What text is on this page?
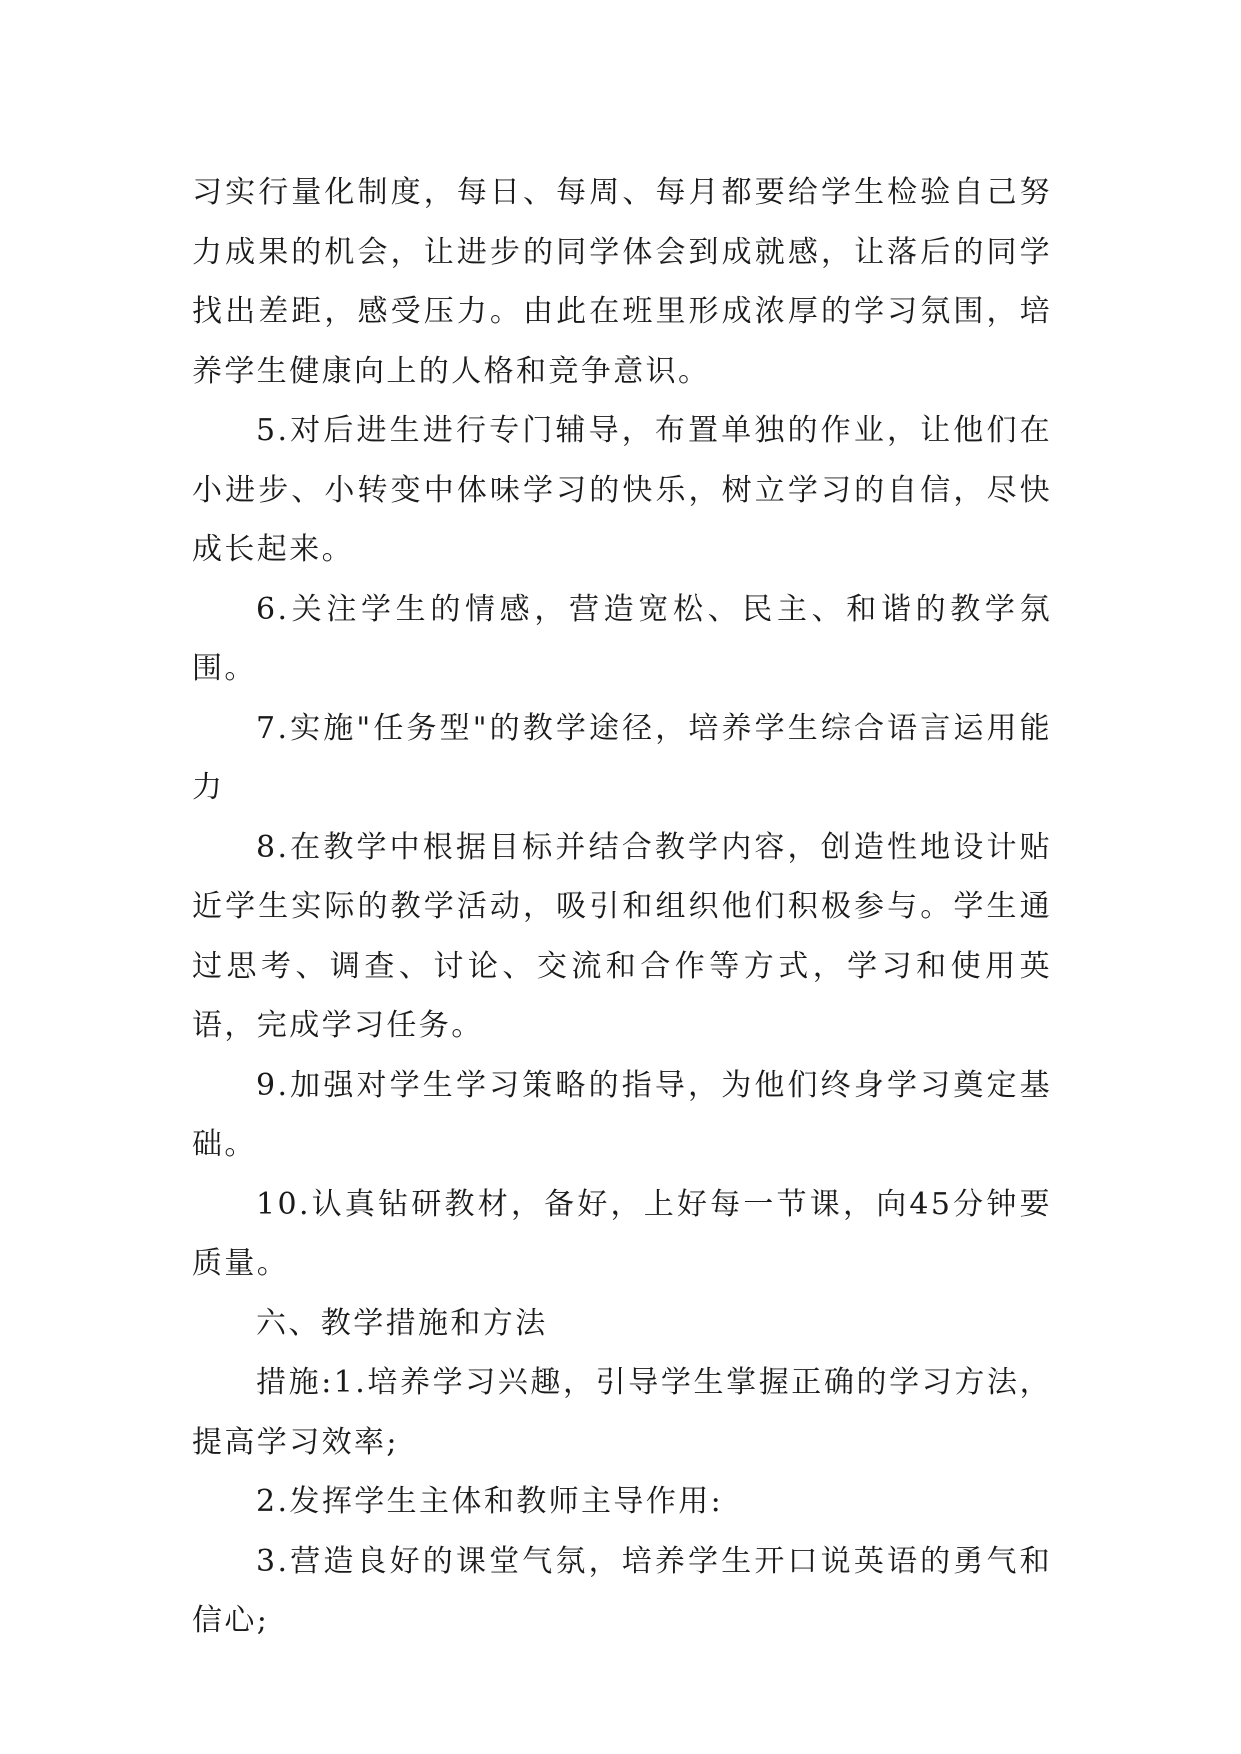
习实行量化制度，每日、每周、每月都要给学生检验自己努力成果的机会，让进步的同学体会到成就感，让落后的同学找出差距，感受压力。由此在班里形成浓厚的学习氛围，培养学生健康向上的人格和竞争意识。

5.对后进生进行专门辅导，布置单独的作业，让他们在小进步、小转变中体味学习的快乐，树立学习的自信，尽快成长起来。

6.关注学生的情感，营造宽松、民主、和谐的教学氛围。

7.实施"任务型"的教学途径，培养学生综合语言运用能力

8.在教学中根据目标并结合教学内容，创造性地设计贴近学生实际的教学活动，吸引和组织他们积极参与。学生通过思考、调查、讨论、交流和合作等方式，学习和使用英语，完成学习任务。

9.加强对学生学习策略的指导，为他们终身学习奠定基础。

10.认真钻研教材，备好，上好每一节课，向45分钟要质量。

六、教学措施和方法

措施:1.培养学习兴趣，引导学生掌握正确的学习方法，提高学习效率;

2.发挥学生主体和教师主导作用:

3.营造良好的课堂气氛，培养学生开口说英语的勇气和信心;
